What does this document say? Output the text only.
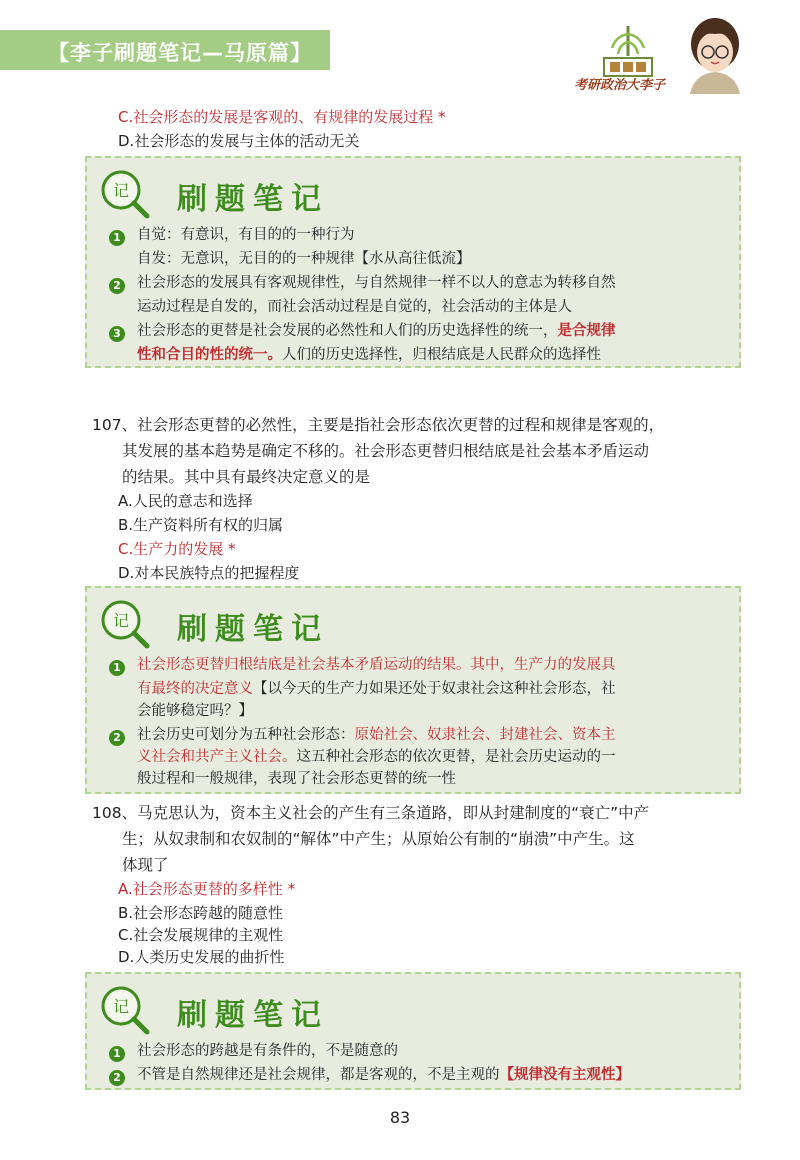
【李子刷题笔记—马原篇】
考研政治大李子
C.社会形态的发展是客观的、有规律的发展过程 *
D.社会形态的发展与主体的活动无关
记 刷题笔记
1 自觉：有意识，有目的的一种行为
自发：无意识，无目的的一种规律【水从高往低流】
2 社会形态的发展具有客观规律性，与自然规律一样不以人的意志为转移自然
运动过程是自发的，而社会活动过程是自觉的，社会活动的主体是人
3 社会形态的更替是社会发展的必然性和人们的历史选择性的统一，是合规律
性和合目的性的统一。人们的历史选择性，归根结底是人民群众的选择性
107、社会形态更替的必然性，主要是指社会形态依次更替的过程和规律是客观的，
其发展的基本趋势是确定不移的。社会形态更替归根结底是社会基本矛盾运动
的结果。其中具有最终决定意义的是
A.人民的意志和选择
B.生产资料所有权的归属
C.生产力的发展 *
D.对本民族特点的把握程度
记 刷题笔记
1 社会形态更替归根结底是社会基本矛盾运动的结果。其中，生产力的发展具
有最终的决定意义【以今天的生产力如果还处于奴隶社会这种社会形态，社
会能够稳定吗？】
2 社会历史可划分为五种社会形态：原始社会、奴隶社会、封建社会、资本主
义社会和共产主义社会。这五种社会形态的依次更替，是社会历史运动的一
般过程和一般规律，表现了社会形态更替的统一性
108、马克思认为，资本主义社会的产生有三条道路，即从封建制度的“衰亡”中产
生；从奴隶制和农奴制的“解体”中产生；从原始公有制的“崩溃”中产生。这
体现了
A.社会形态更替的多样性 *
B.社会形态跨越的随意性
C.社会发展规律的主观性
D.人类历史发展的曲折性
记 刷题笔记
1 社会形态的跨越是有条件的，不是随意的
2 不管是自然规律还是社会规律，都是客观的，不是主观的【规律没有主观性】
83
